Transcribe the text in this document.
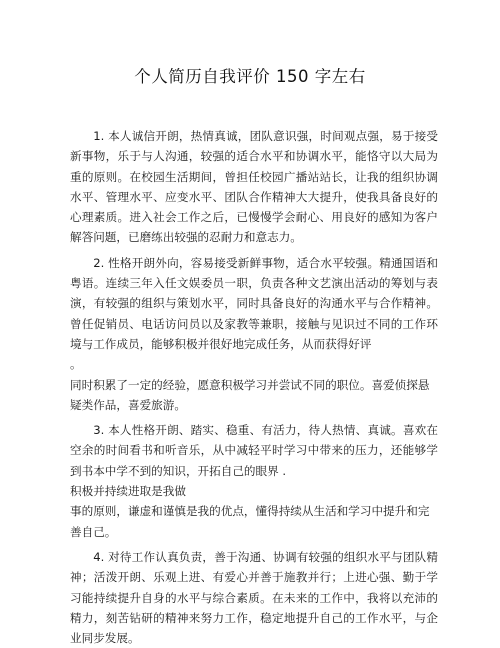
个人简历自我评价 150 字左右

1. 本人诚信开朗，热情真诚，团队意识强，时间观点强，易于接受新事物，乐于与人沟通，较强的适合水平和协调水平，能恪守以大局为重的原则。在校园生活期间，曾担任校园广播站站长，让我的组织协调水平、管理水平、应变水平、团队合作精神大大提升，使我具备良好的心理素质。进入社会工作之后，已慢慢学会耐心、用良好的感知为客户解答问题，已磨练出较强的忍耐力和意志力。

2. 性格开朗外向，容易接受新鲜事物，适合水平较强。精通国语和粤语。连续三年入任文娱委员一职，负责各种文艺演出活动的筹划与表演，有较强的组织与策划水平，同时具备良好的沟通水平与合作精神。曾任促销员、电话访问员以及家教等兼职，接触与见识过不同的工作环境与工作成员，能够积极并很好地完成任务，从而获得好评

。

同时积累了一定的经验，愿意积极学习并尝试不同的职位。喜爱侦探悬疑类作品，喜爱旅游。

3. 本人性格开朗、踏实、稳重、有活力，待人热情、真诚。喜欢在空余的时间看书和听音乐，从中减轻平时学习中带来的压力，还能够学到书本中学不到的知识，开拓自己的眼界 .

积极并持续进取是我做

事的原则，谦虚和谨慎是我的优点，懂得持续从生活和学习中提升和完善自己。

4. 对待工作认真负责，善于沟通、协调有较强的组织水平与团队精神；活泼开朗、乐观上进、有爱心并善于施教并行；上进心强、勤于学习能持续提升自身的水平与综合素质。在未来的工作中，我将以充沛的精力，刻苦钻研的精神来努力工作，稳定地提升自己的工作水平，与企业同步发展。
